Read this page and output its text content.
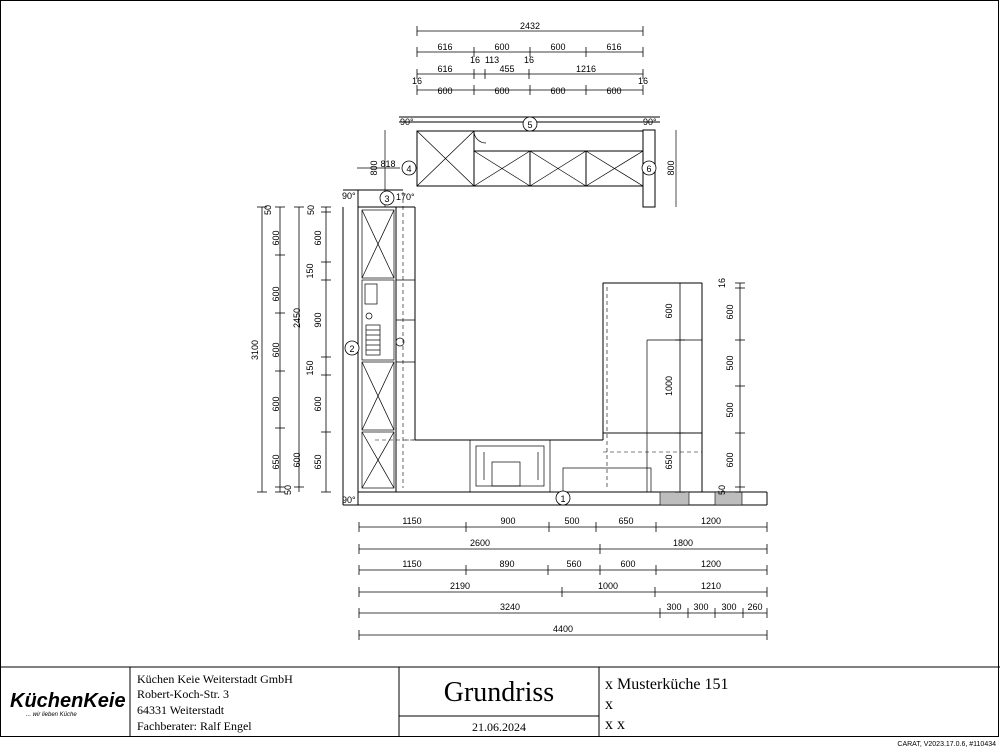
2432
616	600	600	616
16 113	16
616	455	1216
16	16
600	600	600	600
818
800	800
3100
2450
50
600
600
600
600
650
50
50
600
150
900
150
600
600 650
600
1000
650
16
600
500
500
600
50
1150	900	500	650	1200
2600	1800
1150	890	560	600	1200
2190	1000	1210
3240	300 300 300 260
4400
90°	90°
90°	170°
90°	1
2
3
4
5
6
KüchenKeie
... wir lieben Küche
Küchen Keie Weiterstadt GmbH
Robert-Koch-Str. 3
64331 Weiterstadt
Fachberater: Ralf Engel
Grundriss
21.06.2024
x Musterküche 151
x
x x
CARAT, V2023.17.0.6, #110434
